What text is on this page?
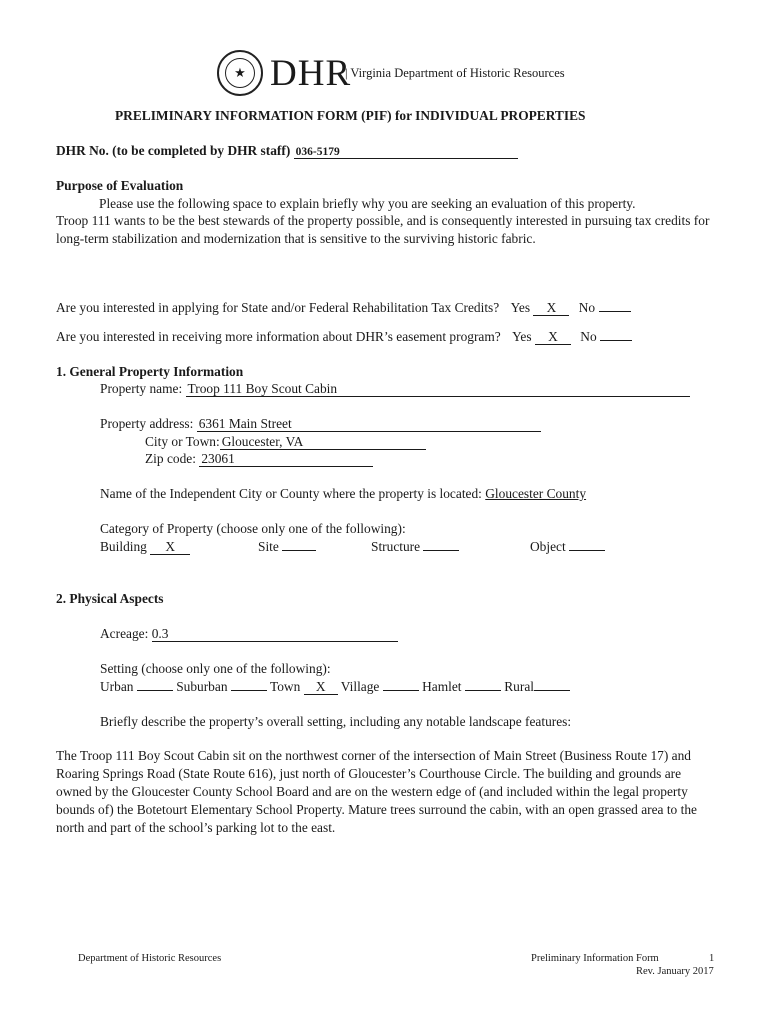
★ DHR
| Virginia Department of Historic Resources
PRELIMINARY INFORMATION FORM (PIF) for INDIVIDUAL PROPERTIES
DHR No. (to be completed by DHR staff) 036-5179
Purpose of Evaluation
Please use the following space to explain briefly why you are seeking an evaluation of this property.
Troop 111 wants to be the best stewards of the property possible, and is consequently interested in pursuing tax credits for long-term stabilization and modernization that is sensitive to the surviving historic fabric.
Are you interested in applying for State and/or Federal Rehabilitation Tax Credits? Yes X No
Are you interested in receiving more information about DHR’s easement program? Yes X No
1. General Property Information
Property name: Troop 111 Boy Scout Cabin
Property address: 6361 Main Street
City or Town: Gloucester, VA
Zip code: 23061
Name of the Independent City or County where the property is located: Gloucester County
Category of Property (choose only one of the following):
Building X	Site	Structure	Object
2. Physical Aspects
Acreage: 0.3
Setting (choose only one of the following):
Urban	Suburban	Town X Village	Hamlet	Rural
Briefly describe the property’s overall setting, including any notable landscape features:
The Troop 111 Boy Scout Cabin sit on the northwest corner of the intersection of Main Street (Business Route 17) and Roaring Springs Road (State Route 616), just north of Gloucester’s Courthouse Circle. The building and grounds are owned by the Gloucester County School Board and are on the western edge of (and included within the legal property bounds of) the Botetourt Elementary School Property. Mature trees surround the cabin, with an open grassed area to the north and part of the school’s parking lot to the east.
Department of Historic Resources	Preliminary Information Form	1
Rev. January 2017
